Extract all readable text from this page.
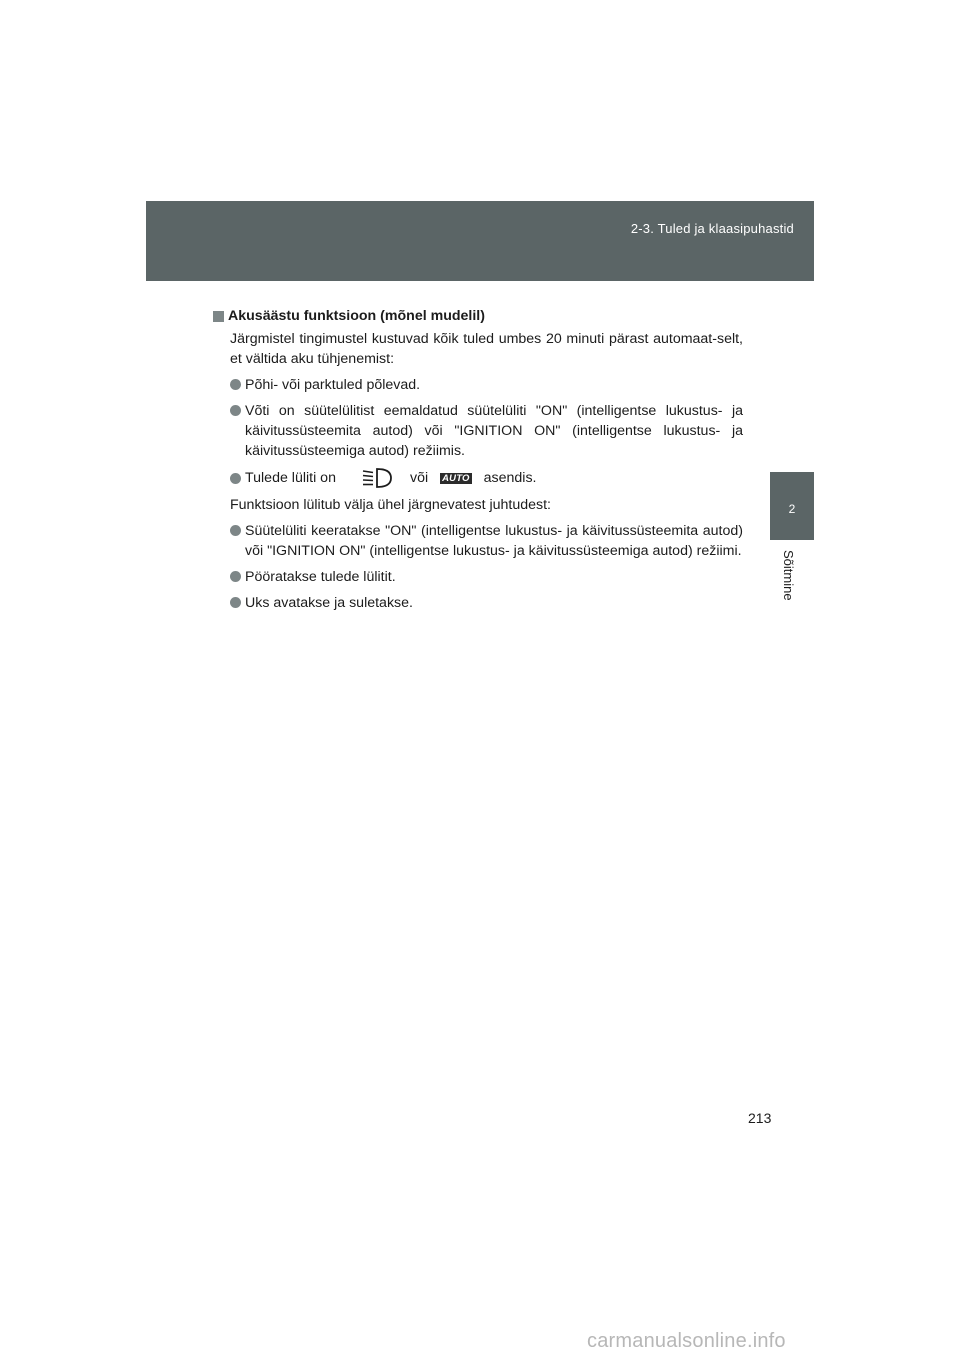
2-3. Tuled ja klaasipuhastid
2
Sõitmine
Akusäästu funktsioon (mõnel mudelil)
Järgmistel tingimustel kustuvad kõik tuled umbes 20 minuti pärast automaat-selt, et vältida aku tühjenemist:
Põhi- või parktuled põlevad.
Võti on süütelülitist eemaldatud süütelüliti "ON" (intelligentse lukustus- ja käivitussüsteemita autod) või "IGNITION ON" (intelligentse lukustus- ja käivitussüsteemiga autod) režiimis.
Tulede lüliti on	või AUTO asendis.
Funktsioon lülitub välja ühel järgnevatest juhtudest:
Süütelüliti keeratakse "ON" (intelligentse lukustus- ja käivitussüsteemita autod) või "IGNITION ON" (intelligentse lukustus- ja käivitussüsteemiga autod) režiimi.
Pööratakse tulede lülitit.
Uks avatakse ja suletakse.
213
carmanualsonline.info
